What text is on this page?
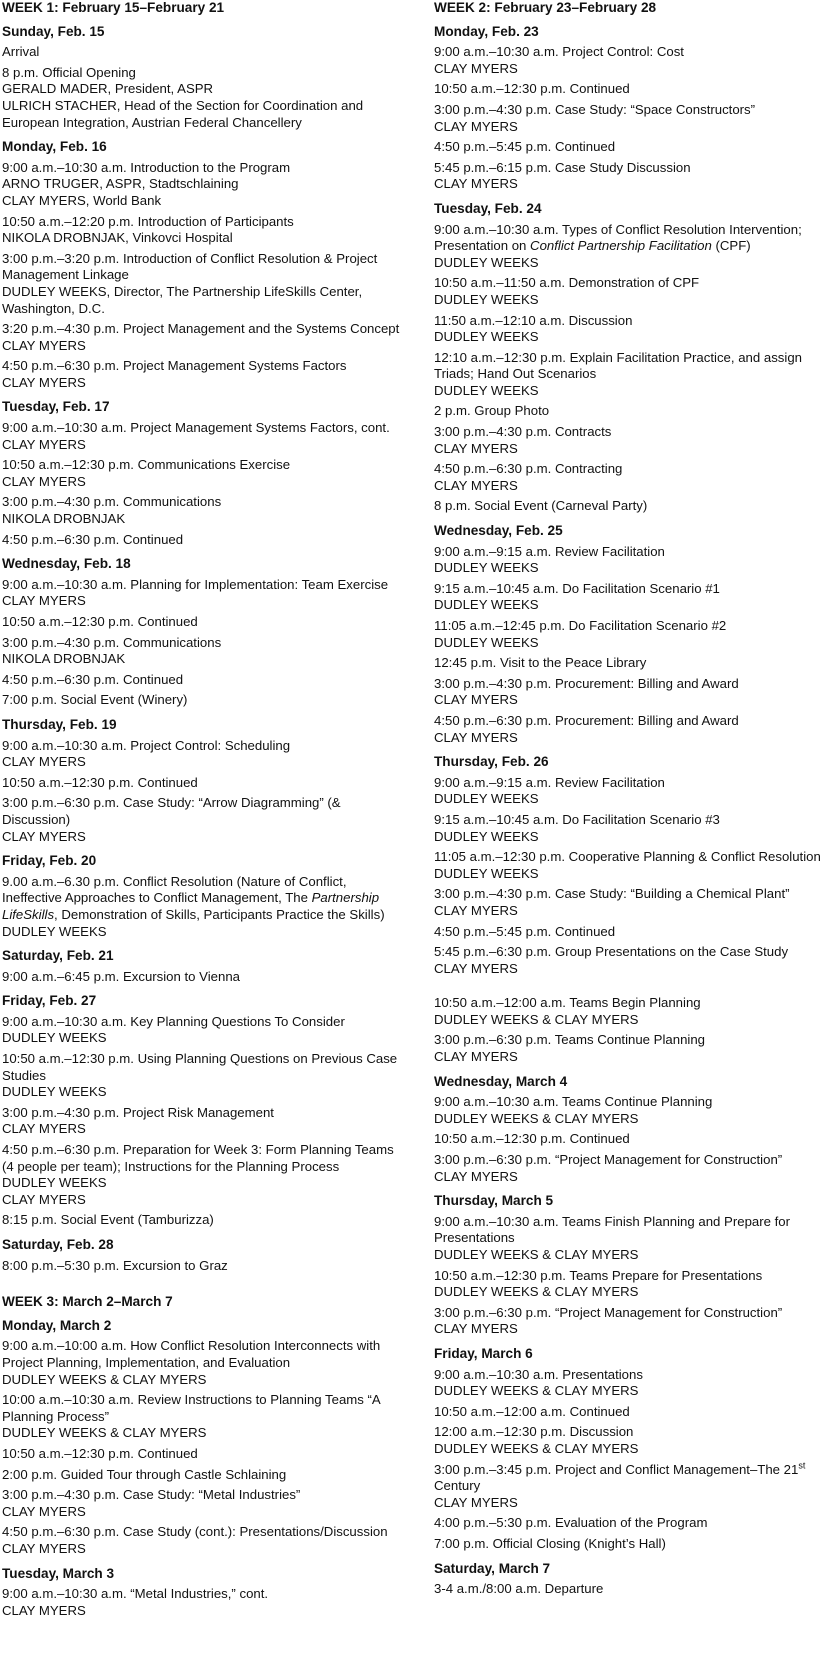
WEEK 1: February 15–February 21
Sunday, Feb. 15
Arrival
8 p.m. Official Opening
GERALD MADER, President, ASPR
ULRICH STACHER, Head of the Section for Coordination and
European Integration, Austrian Federal Chancellery
Monday, Feb. 16
9:00 a.m.–10:30 a.m. Introduction to the Program
ARNO TRUGER, ASPR, Stadtschlaining
CLAY MYERS, World Bank
10:50 a.m.–12:20 p.m. Introduction of Participants
NIKOLA DROBNJAK, Vinkovci Hospital
3:00 p.m.–3:20 p.m. Introduction of Conflict Resolution & Project
Management Linkage
DUDLEY WEEKS, Director, The Partnership LifeSkills Center,
Washington, D.C.
3:20 p.m.–4:30 p.m. Project Management and the Systems Concept
CLAY MYERS
4:50 p.m.–6:30 p.m. Project Management Systems Factors
CLAY MYERS
Tuesday, Feb. 17
9:00 a.m.–10:30 a.m. Project Management Systems Factors, cont.
CLAY MYERS
10:50 a.m.–12:30 p.m. Communications Exercise
CLAY MYERS
3:00 p.m.–4:30 p.m. Communications
NIKOLA DROBNJAK
4:50 p.m.–6:30 p.m. Continued
Wednesday, Feb. 18
9:00 a.m.–10:30 a.m. Planning for Implementation: Team Exercise
CLAY MYERS
10:50 a.m.–12:30 p.m. Continued
3:00 p.m.–4:30 p.m. Communications
NIKOLA DROBNJAK
4:50 p.m.–6:30 p.m. Continued
7:00 p.m. Social Event (Winery)
Thursday, Feb. 19
9:00 a.m.–10:30 a.m. Project Control: Scheduling
CLAY MYERS
10:50 a.m.–12:30 p.m. Continued
3:00 p.m.–6:30 p.m. Case Study: “Arrow Diagramming” (&
Discussion)
CLAY MYERS
Friday, Feb. 20
9.00 a.m.–6.30 p.m. Conflict Resolution (Nature of Conflict,
Ineffective Approaches to Conflict Management, The Partnership
LifeSkills, Demonstration of Skills, Participants Practice the Skills)
DUDLEY WEEKS
Saturday, Feb. 21
9:00 a.m.–6:45 p.m. Excursion to Vienna
Friday, Feb. 27
9:00 a.m.–10:30 a.m. Key Planning Questions To Consider
DUDLEY WEEKS
10:50 a.m.–12:30 p.m. Using Planning Questions on Previous Case
Studies
DUDLEY WEEKS
3:00 p.m.–4:30 p.m. Project Risk Management
CLAY MYERS
4:50 p.m.–6:30 p.m. Preparation for Week 3: Form Planning Teams
(4 people per team); Instructions for the Planning Process
DUDLEY WEEKS
CLAY MYERS
8:15 p.m. Social Event (Tamburizza)
Saturday, Feb. 28
8:00 p.m.–5:30 p.m. Excursion to Graz
WEEK 3: March 2–March 7
Monday, March 2
9:00 a.m.–10:00 a.m. How Conflict Resolution Interconnects with
Project Planning, Implementation, and Evaluation
DUDLEY WEEKS & CLAY MYERS
10:00 a.m.–10:30 a.m. Review Instructions to Planning Teams “A
Planning Process”
DUDLEY WEEKS & CLAY MYERS
10:50 a.m.–12:30 p.m. Continued
2:00 p.m. Guided Tour through Castle Schlaining
3:00 p.m.–4:30 p.m. Case Study: “Metal Industries”
CLAY MYERS
4:50 p.m.–6:30 p.m. Case Study (cont.): Presentations/Discussion
CLAY MYERS
Tuesday, March 3
9:00 a.m.–10:30 a.m. “Metal Industries,” cont.
CLAY MYERS
WEEK 2: February 23–February 28
Monday, Feb. 23
9:00 a.m.–10:30 a.m. Project Control: Cost
CLAY MYERS
10:50 a.m.–12:30 p.m. Continued
3:00 p.m.–4:30 p.m. Case Study: “Space Constructors”
CLAY MYERS
4:50 p.m.–5:45 p.m. Continued
5:45 p.m.–6:15 p.m. Case Study Discussion
CLAY MYERS
Tuesday, Feb. 24
9:00 a.m.–10:30 a.m. Types of Conflict Resolution Intervention;
Presentation on Conflict Partnership Facilitation (CPF)
DUDLEY WEEKS
10:50 a.m.–11:50 a.m. Demonstration of CPF
DUDLEY WEEKS
11:50 a.m.–12:10 a.m. Discussion
DUDLEY WEEKS
12:10 a.m.–12:30 p.m. Explain Facilitation Practice, and assign
Triads; Hand Out Scenarios
DUDLEY WEEKS
2 p.m. Group Photo
3:00 p.m.–4:30 p.m. Contracts
CLAY MYERS
4:50 p.m.–6:30 p.m. Contracting
CLAY MYERS
8 p.m. Social Event (Carneval Party)
Wednesday, Feb. 25
9:00 a.m.–9:15 a.m. Review Facilitation
DUDLEY WEEKS
9:15 a.m.–10:45 a.m. Do Facilitation Scenario #1
DUDLEY WEEKS
11:05 a.m.–12:45 p.m. Do Facilitation Scenario #2
DUDLEY WEEKS
12:45 p.m. Visit to the Peace Library
3:00 p.m.–4:30 p.m. Procurement: Billing and Award
CLAY MYERS
4:50 p.m.–6:30 p.m. Procurement: Billing and Award
CLAY MYERS
Thursday, Feb. 26
9:00 a.m.–9:15 a.m. Review Facilitation
DUDLEY WEEKS
9:15 a.m.–10:45 a.m. Do Facilitation Scenario #3
DUDLEY WEEKS
11:05 a.m.–12:30 p.m. Cooperative Planning & Conflict Resolution
DUDLEY WEEKS
3:00 p.m.–4:30 p.m. Case Study: “Building a Chemical Plant”
CLAY MYERS
4:50 p.m.–5:45 p.m. Continued
5:45 p.m.–6:30 p.m. Group Presentations on the Case Study
CLAY MYERS
10:50 a.m.–12:00 a.m. Teams Begin Planning
DUDLEY WEEKS & CLAY MYERS
3:00 p.m.–6:30 p.m. Teams Continue Planning
CLAY MYERS
Wednesday, March 4
9:00 a.m.–10:30 a.m. Teams Continue Planning
DUDLEY WEEKS & CLAY MYERS
10:50 a.m.–12:30 p.m. Continued
3:00 p.m.–6:30 p.m. “Project Management for Construction”
CLAY MYERS
Thursday, March 5
9:00 a.m.–10:30 a.m. Teams Finish Planning and Prepare for
Presentations
DUDLEY WEEKS & CLAY MYERS
10:50 a.m.–12:30 p.m. Teams Prepare for Presentations
DUDLEY WEEKS & CLAY MYERS
3:00 p.m.–6:30 p.m. “Project Management for Construction”
CLAY MYERS
Friday, March 6
9:00 a.m.–10:30 a.m. Presentations
DUDLEY WEEKS & CLAY MYERS
10:50 a.m.–12:00 a.m. Continued
12:00 a.m.–12:30 p.m. Discussion
DUDLEY WEEKS & CLAY MYERS
3:00 p.m.–3:45 p.m. Project and Conflict Management–The 21st
Century
CLAY MYERS
4:00 p.m.–5:30 p.m. Evaluation of the Program
7:00 p.m. Official Closing (Knight’s Hall)
Saturday, March 7
3-4 a.m./8:00 a.m. Departure
